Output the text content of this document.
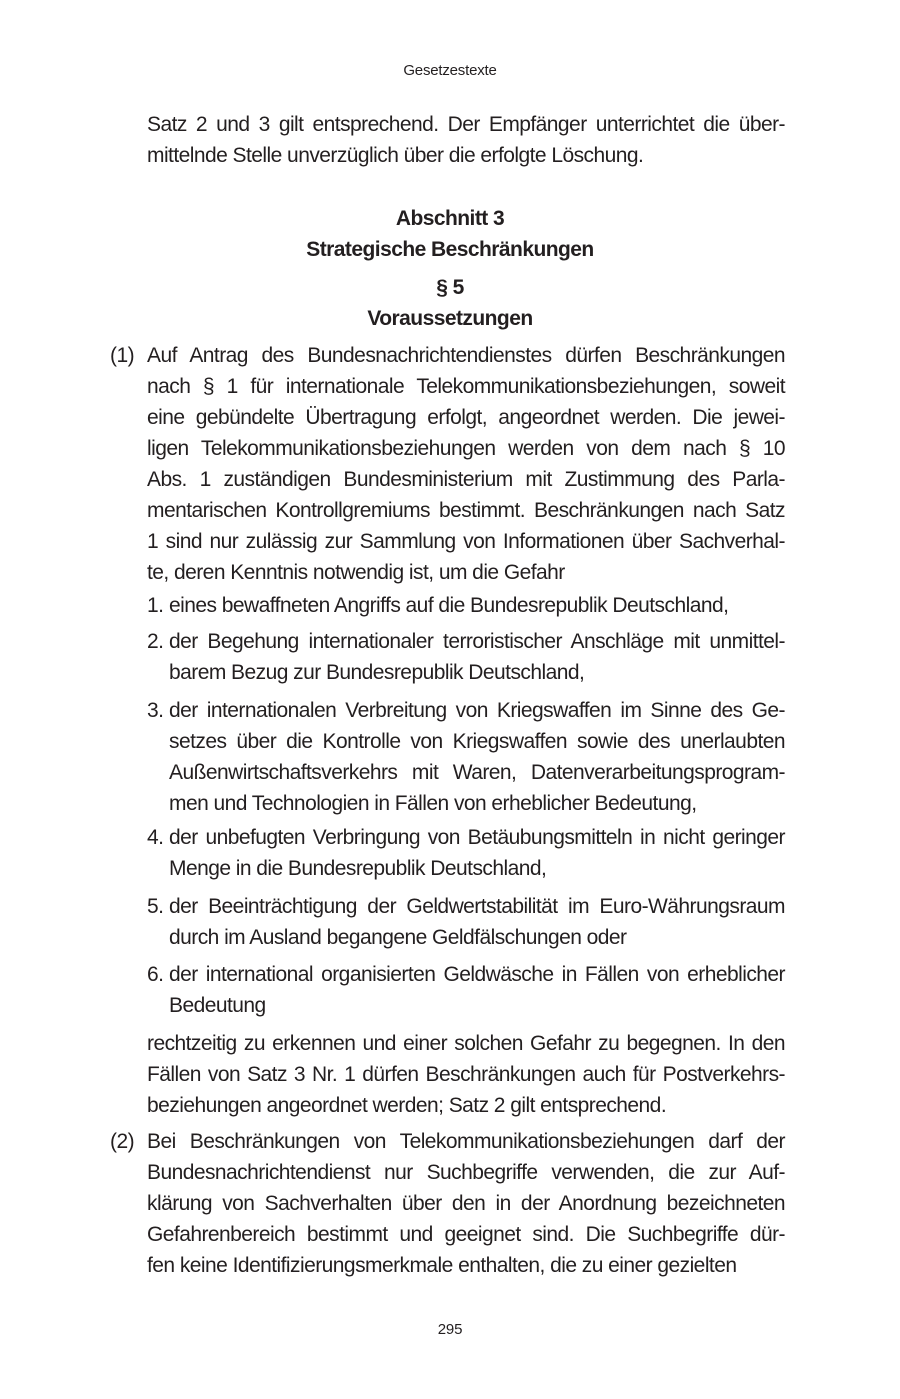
Gesetzestexte
Satz 2 und 3 gilt entsprechend. Der Empfänger unterrichtet die über-
mittelnde Stelle unverzüglich über die erfolgte Löschung.
Abschnitt 3
Strategische Beschränkungen
§ 5
Voraussetzungen
(1) Auf Antrag des Bundesnachrichtendienstes dürfen Beschränkungen
nach § 1 für internationale Telekommunikationsbeziehungen, soweit
eine gebündelte Übertragung erfolgt, angeordnet werden. Die jewei-
ligen Telekommunikationsbeziehungen werden von dem nach § 10
Abs. 1 zuständigen Bundesministerium mit Zustimmung des Parla-
mentarischen Kontrollgremiums bestimmt. Beschränkungen nach Satz
1 sind nur zulässig zur Sammlung von Informationen über Sachverhal-
te, deren Kenntnis notwendig ist, um die Gefahr
1. eines bewaffneten Angriffs auf die Bundesrepublik Deutschland,
2. der Begehung internationaler terroristischer Anschläge mit unmittel-
barem Bezug zur Bundesrepublik Deutschland,
3. der internationalen Verbreitung von Kriegswaffen im Sinne des Ge-
setzes über die Kontrolle von Kriegswaffen sowie des unerlaubten
Außenwirtschaftsverkehrs mit Waren, Datenverarbeitungsprogram-
men und Technologien in Fällen von erheblicher Bedeutung,
4. der unbefugten Verbringung von Betäubungsmitteln in nicht geringer
Menge in die Bundesrepublik Deutschland,
5. der Beeinträchtigung der Geldwertstabilität im Euro-Währungsraum
durch im Ausland begangene Geldfälschungen oder
6. der international organisierten Geldwäsche in Fällen von erheblicher
Bedeutung
rechtzeitig zu erkennen und einer solchen Gefahr zu begegnen. In den
Fällen von Satz 3 Nr. 1 dürfen Beschränkungen auch für Postverkehrs-
beziehungen angeordnet werden; Satz 2 gilt entsprechend.
(2) Bei Beschränkungen von Telekommunikationsbeziehungen darf der
Bundesnachrichtendienst nur Suchbegriffe verwenden, die zur Auf-
klärung von Sachverhalten über den in der Anordnung bezeichneten
Gefahrenbereich bestimmt und geeignet sind. Die Suchbegriffe dür-
fen keine Identifizierungsmerkmale enthalten, die zu einer gezielten
295
